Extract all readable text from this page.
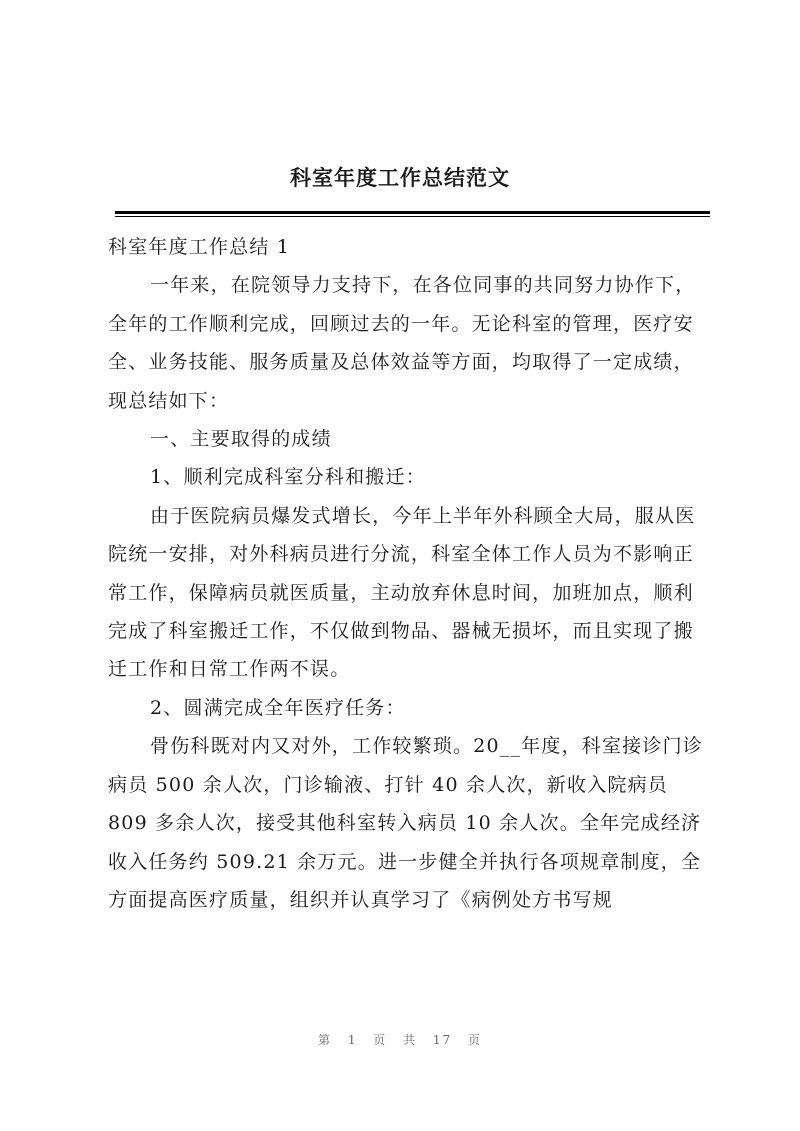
科室年度工作总结范文

科室年度工作总结 1

一年来，在院领导力支持下，在各位同事的共同努力协作下，全年的工作顺利完成，回顾过去的一年。无论科室的管理，医疗安全、业务技能、服务质量及总体效益等方面，均取得了一定成绩，现总结如下：

一、主要取得的成绩

1、顺利完成科室分科和搬迁：

由于医院病员爆发式增长，今年上半年外科顾全大局，服从医院统一安排，对外科病员进行分流，科室全体工作人员为不影响正常工作，保障病员就医质量，主动放弃休息时间，加班加点，顺利完成了科室搬迁工作，不仅做到物品、器械无损坏，而且实现了搬迁工作和日常工作两不误。

2、圆满完成全年医疗任务：

骨伤科既对内又对外，工作较繁琐。20__年度，科室接诊门诊病员 500 余人次，门诊输液、打针 40 余人次，新收入院病员 809 多余人次，接受其他科室转入病员 10 余人次。全年完成经济收入任务约 509.21 余万元。进一步健全并执行各项规章制度，全方面提高医疗质量，组织并认真学习了《病例处方书写规

第 1 页 共 17 页
